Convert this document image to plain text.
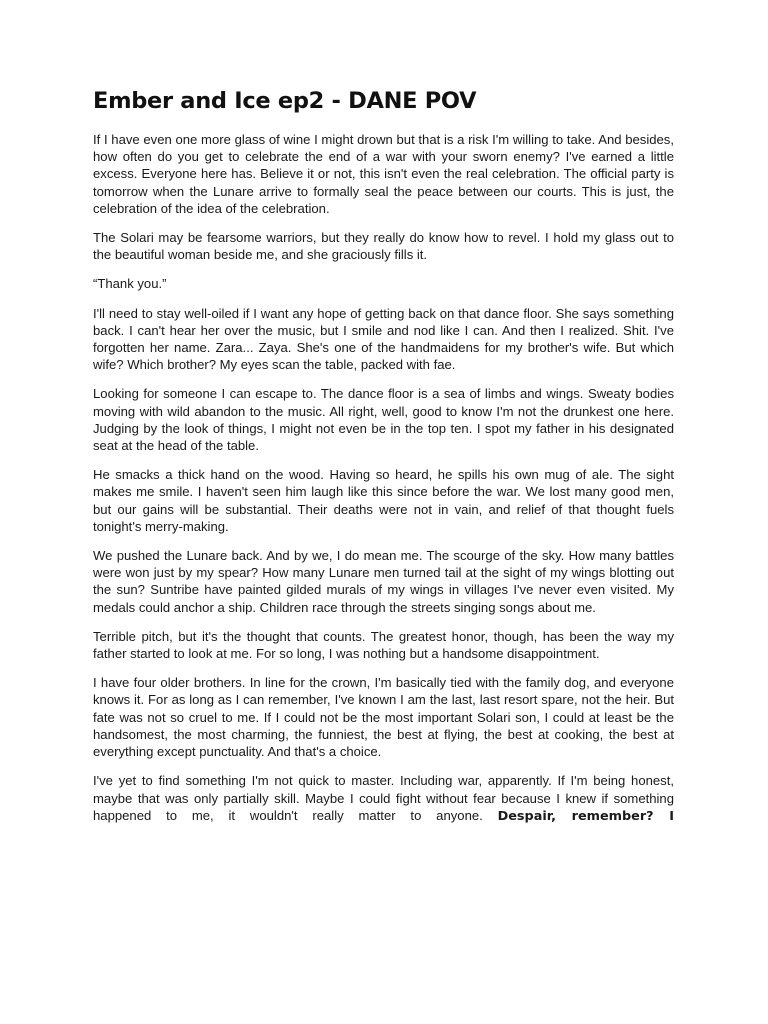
Ember and Ice ep2 - DANE POV

If I have even one more glass of wine I might drown but that is a risk I'm willing to take. And besides, how often do you get to celebrate the end of a war with your sworn enemy? I've earned a little excess. Everyone here has. Believe it or not, this isn't even the real celebration. The official party is tomorrow when the Lunare arrive to formally seal the peace between our courts. This is just, the celebration of the idea of the celebration.

The Solari may be fearsome warriors, but they really do know how to revel. I hold my glass out to the beautiful woman beside me, and she graciously fills it.

“Thank you.”

I'll need to stay well-oiled if I want any hope of getting back on that dance floor. She says something back. I can't hear her over the music, but I smile and nod like I can. And then I realized. Shit. I've forgotten her name. Zara... Zaya. She's one of the handmaidens for my brother's wife. But which wife? Which brother? My eyes scan the table, packed with fae.

Looking for someone I can escape to. The dance floor is a sea of limbs and wings. Sweaty bodies moving with wild abandon to the music. All right, well, good to know I'm not the drunkest one here. Judging by the look of things, I might not even be in the top ten. I spot my father in his designated seat at the head of the table.

He smacks a thick hand on the wood. Having so heard, he spills his own mug of ale. The sight makes me smile. I haven't seen him laugh like this since before the war. We lost many good men, but our gains will be substantial. Their deaths were not in vain, and relief of that thought fuels tonight's merry-making.

We pushed the Lunare back. And by we, I do mean me. The scourge of the sky. How many battles were won just by my spear? How many Lunare men turned tail at the sight of my wings blotting out the sun? Suntribe have painted gilded murals of my wings in villages I've never even visited. My medals could anchor a ship. Children race through the streets singing songs about me.

Terrible pitch, but it's the thought that counts. The greatest honor, though, has been the way my father started to look at me. For so long, I was nothing but a handsome disappointment.

I have four older brothers. In line for the crown, I'm basically tied with the family dog, and everyone knows it. For as long as I can remember, I've known I am the last, last resort spare, not the heir. But fate was not so cruel to me. If I could not be the most important Solari son, I could at least be the handsomest, the most charming, the funniest, the best at flying, the best at cooking, the best at everything except punctuality. And that's a choice.

I've yet to find something I'm not quick to master. Including war, apparently. If I'm being honest, maybe that was only partially skill. Maybe I could fight without fear because I knew if something happened to me, it wouldn't really matter to anyone. Despair, remember? I
